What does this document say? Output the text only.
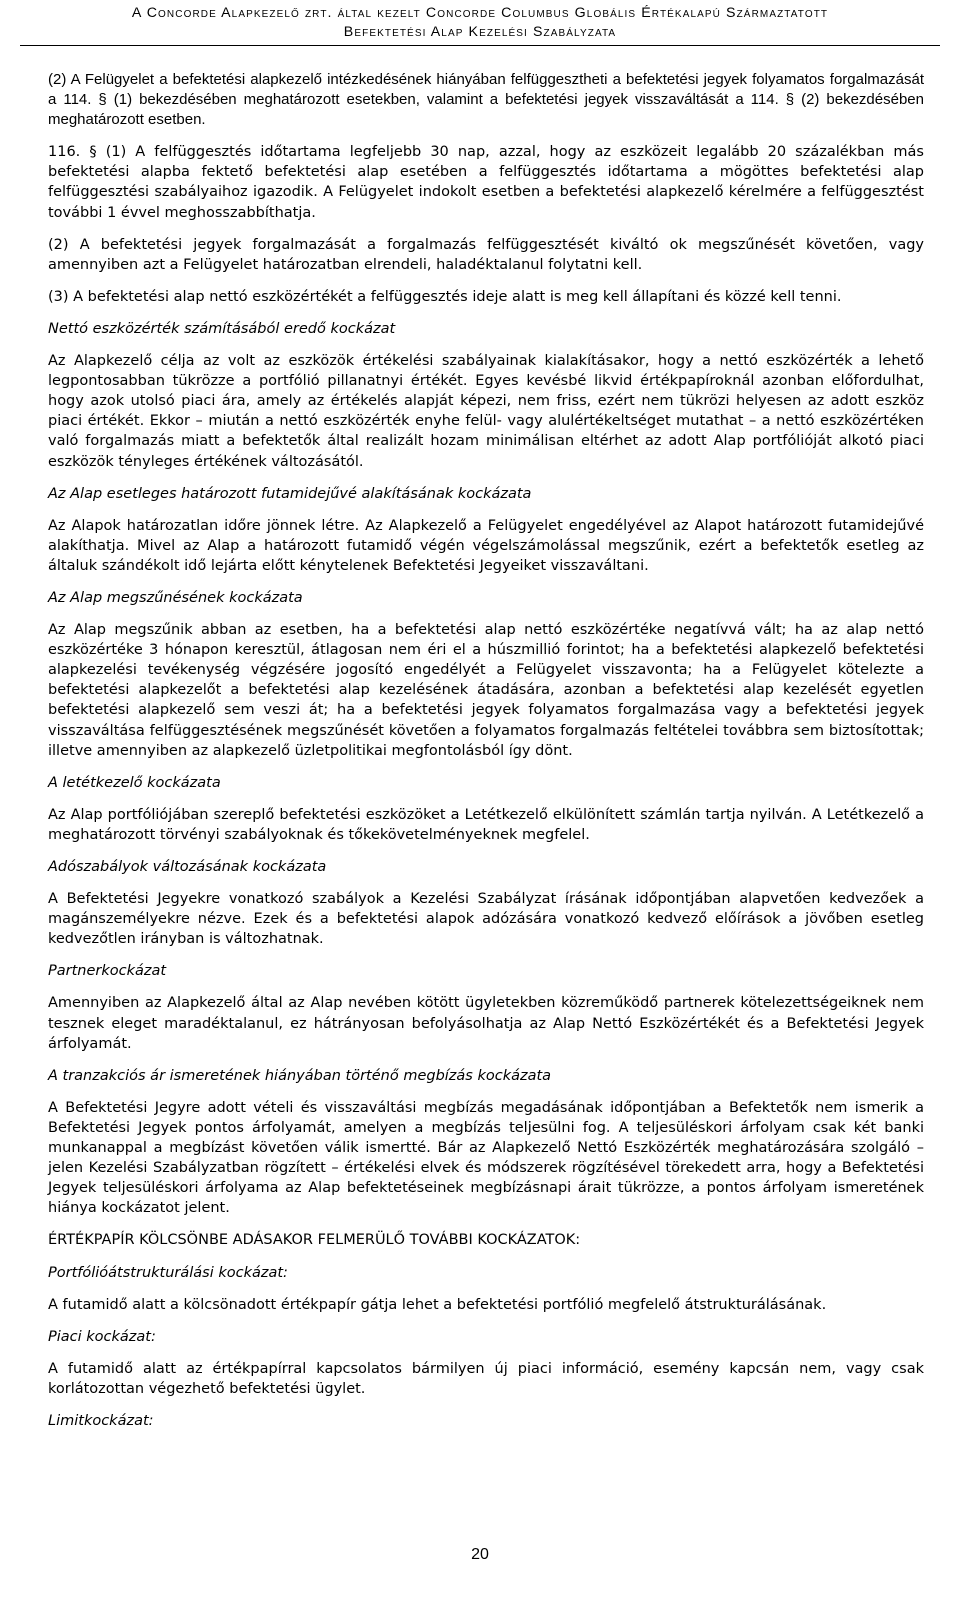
A Concorde Alapkezelő zrt. által kezelt Concorde Columbus Globális Értékalapú Származtatott
Befektetési Alap Kezelési Szabályzata

(2) A Felügyelet a befektetési alapkezelő intézkedésének hiányában felfüggesztheti a befektetési jegyek folyamatos forgalmazását a 114. § (1) bekezdésében meghatározott esetekben, valamint a befektetési jegyek visszaváltását a 114. § (2) bekezdésében meghatározott esetben.

116. § (1) A felfüggesztés időtartama legfeljebb 30 nap, azzal, hogy az eszközeit legalább 20 százalékban más befektetési alapba fektető befektetési alap esetében a felfüggesztés időtartama a mögöttes befektetési alap felfüggesztési szabályaihoz igazodik. A Felügyelet indokolt esetben a befektetési alapkezelő kérelmére a felfüggesztést további 1 évvel meghosszabbíthatja.

(2) A befektetési jegyek forgalmazását a forgalmazás felfüggesztését kiváltó ok megszűnését követően, vagy amennyiben azt a Felügyelet határozatban elrendeli, haladéktalanul folytatni kell.

(3) A befektetési alap nettó eszközértékét a felfüggesztés ideje alatt is meg kell állapítani és közzé kell tenni.

Nettó eszközérték számításából eredő kockázat

Az Alapkezelő célja az volt az eszközök értékelési szabályainak kialakításakor, hogy a nettó eszközérték a lehető legpontosabban tükrözze a portfólió pillanatnyi értékét. Egyes kevésbé likvid értékpapíroknál azonban előfordulhat, hogy azok utolsó piaci ára, amely az értékelés alapját képezi, nem friss, ezért nem tükrözi helyesen az adott eszköz piaci értékét. Ekkor – miután a nettó eszközérték enyhe felül- vagy alulértékeltséget mutathat – a nettó eszközértéken való forgalmazás miatt a befektetők által realizált hozam minimálisan eltérhet az adott Alap portfólióját alkotó piaci eszközök tényleges értékének változásától.

Az Alap esetleges határozott futamidejűvé alakításának kockázata

Az Alapok határozatlan időre jönnek létre. Az Alapkezelő a Felügyelet engedélyével az Alapot határozott futamidejűvé alakíthatja. Mivel az Alap a határozott futamidő végén végelszámolással megszűnik, ezért a befektetők esetleg az általuk szándékolt idő lejárta előtt kénytelenek Befektetési Jegyeiket visszaváltani.

Az Alap megszűnésének kockázata

Az Alap megszűnik abban az esetben, ha a befektetési alap nettó eszközértéke negatívvá vált; ha az alap nettó eszközértéke 3 hónapon keresztül, átlagosan nem éri el a húszmillió forintot; ha a befektetési alapkezelő befektetési alapkezelési tevékenység végzésére jogosító engedélyét a Felügyelet visszavonta; ha a Felügyelet kötelezte a befektetési alapkezelőt a befektetési alap kezelésének átadására, azonban a befektetési alap kezelését egyetlen befektetési alapkezelő sem veszi át; ha a befektetési jegyek folyamatos forgalmazása vagy a befektetési jegyek visszaváltása felfüggesztésének megszűnését követően a folyamatos forgalmazás feltételei továbbra sem biztosítottak; illetve amennyiben az alapkezelő üzletpolitikai megfontolásból így dönt.

A letétkezelő kockázata

Az Alap portfóliójában szereplő befektetési eszközöket a Letétkezelő elkülönített számlán tartja nyilván. A Letétkezelő a meghatározott törvényi szabályoknak és tőkekövetelményeknek megfelel.

Adószabályok változásának kockázata

A Befektetési Jegyekre vonatkozó szabályok a Kezelési Szabályzat írásának időpontjában alapvetően kedvezőek a magánszemélyekre nézve. Ezek és a befektetési alapok adózására vonatkozó kedvező előírások a jövőben esetleg kedvezőtlen irányban is változhatnak.

Partnerkockázat

Amennyiben az Alapkezelő által az Alap nevében kötött ügyletekben közreműködő partnerek kötelezettségeiknek nem tesznek eleget maradéktalanul, ez hátrányosan befolyásolhatja az Alap Nettó Eszközértékét és a Befektetési Jegyek árfolyamát.

A tranzakciós ár ismeretének hiányában történő megbízás kockázata

A Befektetési Jegyre adott vételi és visszaváltási megbízás megadásának időpontjában a Befektetők nem ismerik a Befektetési Jegyek pontos árfolyamát, amelyen a megbízás teljesülni fog. A teljesüléskori árfolyam csak két banki munkanappal a megbízást követően válik ismertté. Bár az Alapkezelő Nettó Eszközérték meghatározására szolgáló – jelen Kezelési Szabályzatban rögzített – értékelési elvek és módszerek rögzítésével törekedett arra, hogy a Befektetési Jegyek teljesüléskori árfolyama az Alap befektetéseinek megbízásnapi árait tükrözze, a pontos árfolyam ismeretének hiánya kockázatot jelent.

ÉRTÉKPAPÍR KÖLCSÖNBE ADÁSAKOR FELMERÜLŐ TOVÁBBI KOCKÁZATOK:

Portfólióátstrukturálási kockázat:

A futamidő alatt a kölcsönadott értékpapír gátja lehet a befektetési portfólió megfelelő átstrukturálásának.

Piaci kockázat:

A futamidő alatt az értékpapírral kapcsolatos bármilyen új piaci információ, esemény kapcsán nem, vagy csak korlátozottan végezhető befektetési ügylet.

Limitkockázat:

20
